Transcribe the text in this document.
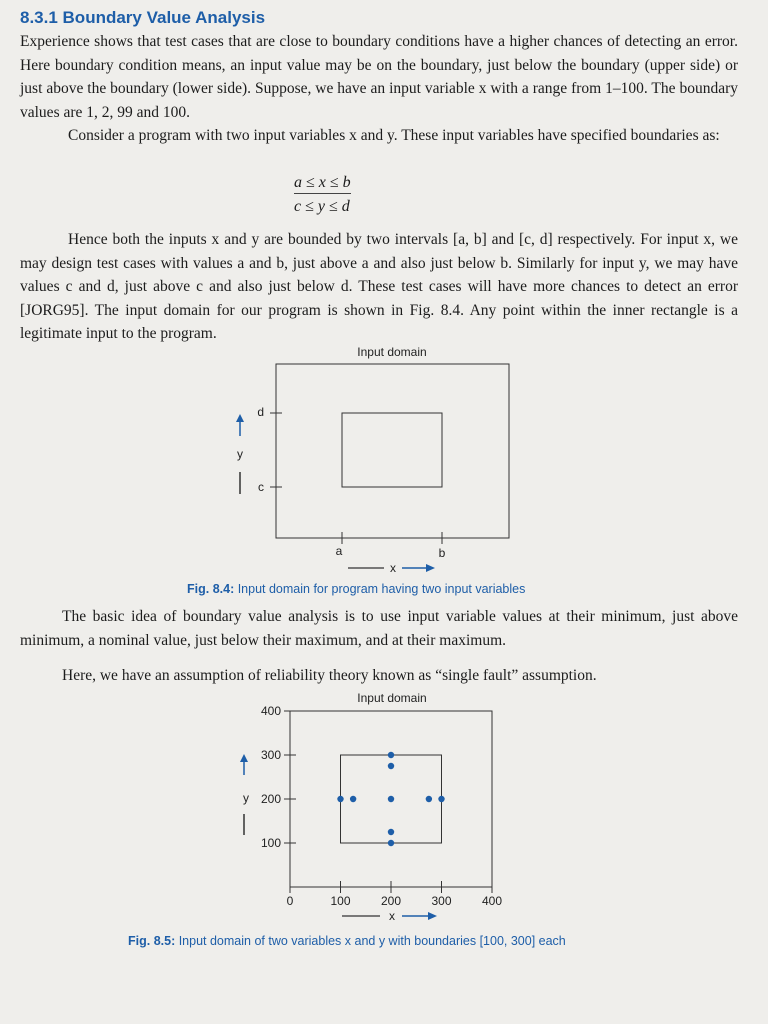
8.3.1 Boundary Value Analysis

Experience shows that test cases that are close to boundary conditions have a higher chances of detecting an error. Here boundary condition means, an input value may be on the boundary, just below the boundary (upper side) or just above the boundary (lower side). Suppose, we have an input variable x with a range from 1–100. The boundary values are 1, 2, 99 and 100.

Consider a program with two input variables x and y. These input variables have specified boundaries as:

a ≤ x ≤ b
c ≤ y ≤ d

Hence both the inputs x and y are bounded by two intervals [a, b] and [c, d] respectively. For input x, we may design test cases with values a and b, just above a and also just below b. Similarly for input y, we may have values c and d, just above c and also just below d. These test cases will have more chances to detect an error [JORG95]. The input domain for our program is shown in Fig. 8.4. Any point within the inner rectangle is a legitimate input to the program.

Input domain
d
c
a	b
y
x
Fig. 8.4: Input domain for program having two input variables

The basic idea of boundary value analysis is to use input variable values at their minimum, just above minimum, a nominal value, just below their maximum, and at their maximum.

Here, we have an assumption of reliability theory known as “single fault” assumption.

Input domain
0	100	200	300	400
100
200
300
400
y
x
Fig. 8.5: Input domain of two variables x and y with boundaries [100, 300] each
